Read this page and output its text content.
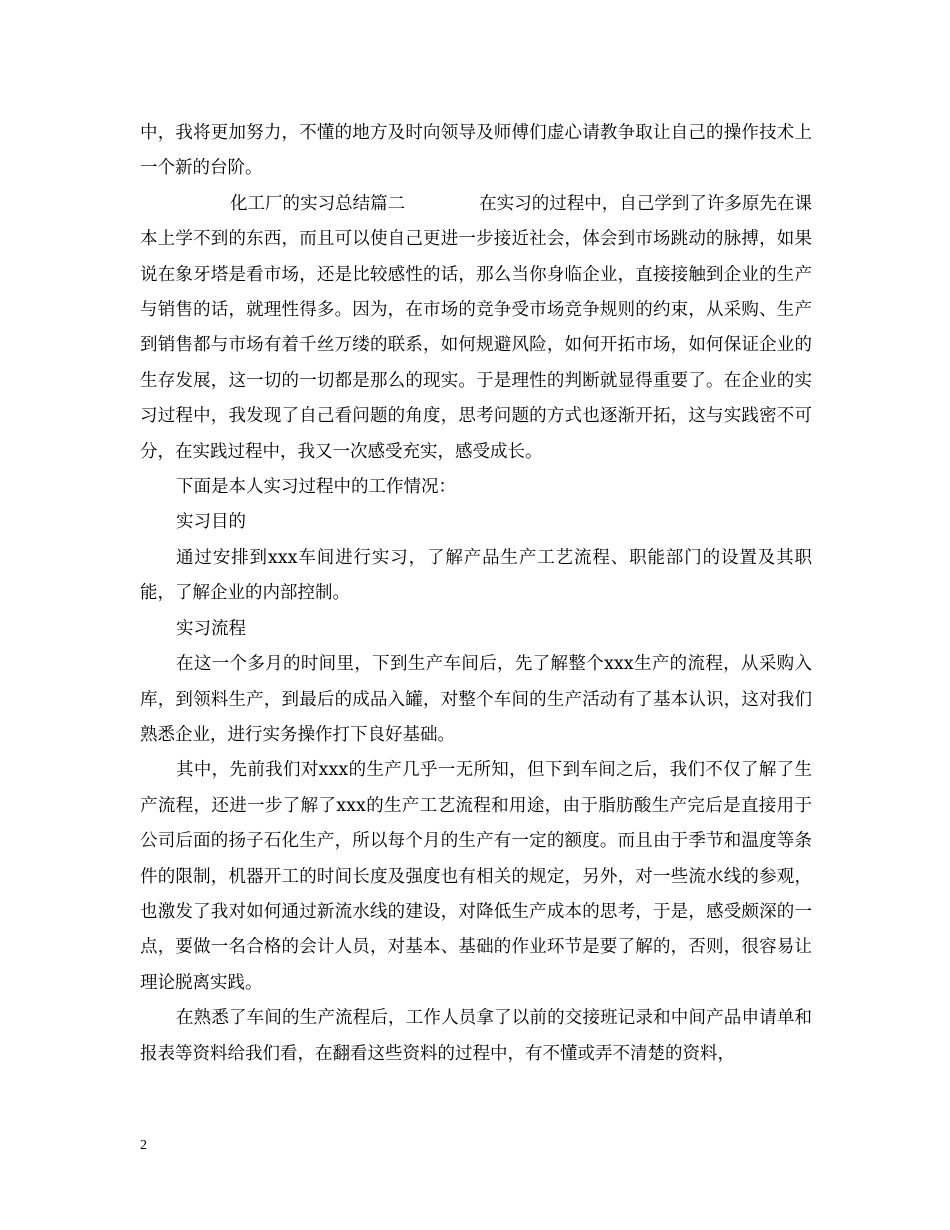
中，我将更加努力，不懂的地方及时向领导及师傅们虚心请教争取让自己的操作技术上一个新的台阶。

化工厂的实习总结篇二	在实习的过程中，自己学到了许多原先在课本上学不到的东西，而且可以使自己更进一步接近社会，体会到市场跳动的脉搏，如果说在象牙塔是看市场，还是比较感性的话，那么当你身临企业，直接接触到企业的生产与销售的话，就理性得多。因为，在市场的竞争受市场竞争规则的约束，从采购、生产到销售都与市场有着千丝万缕的联系，如何规避风险，如何开拓市场，如何保证企业的生存发展，这一切的一切都是那么的现实。于是理性的判断就显得重要了。在企业的实习过程中，我发现了自己看问题的角度，思考问题的方式也逐渐开拓，这与实践密不可分，在实践过程中，我又一次感受充实，感受成长。

下面是本人实习过程中的工作情况：

实习目的

通过安排到xxx车间进行实习，了解产品生产工艺流程、职能部门的设置及其职能，了解企业的内部控制。

实习流程

在这一个多月的时间里，下到生产车间后，先了解整个xxx生产的流程，从采购入库，到领料生产，到最后的成品入罐，对整个车间的生产活动有了基本认识，这对我们熟悉企业，进行实务操作打下良好基础。

其中，先前我们对xxx的生产几乎一无所知，但下到车间之后，我们不仅了解了生产流程，还进一步了解了xxx的生产工艺流程和用途，由于脂肪酸生产完后是直接用于公司后面的扬子石化生产，所以每个月的生产有一定的额度。而且由于季节和温度等条件的限制，机器开工的时间长度及强度也有相关的规定，另外，对一些流水线的参观，也激发了我对如何通过新流水线的建设，对降低生产成本的思考，于是，感受颇深的一点，要做一名合格的会计人员，对基本、基础的作业环节是要了解的，否则，很容易让理论脱离实践。

在熟悉了车间的生产流程后，工作人员拿了以前的交接班记录和中间产品申请单和报表等资料给我们看，在翻看这些资料的过程中，有不懂或弄不清楚的资料，

2
